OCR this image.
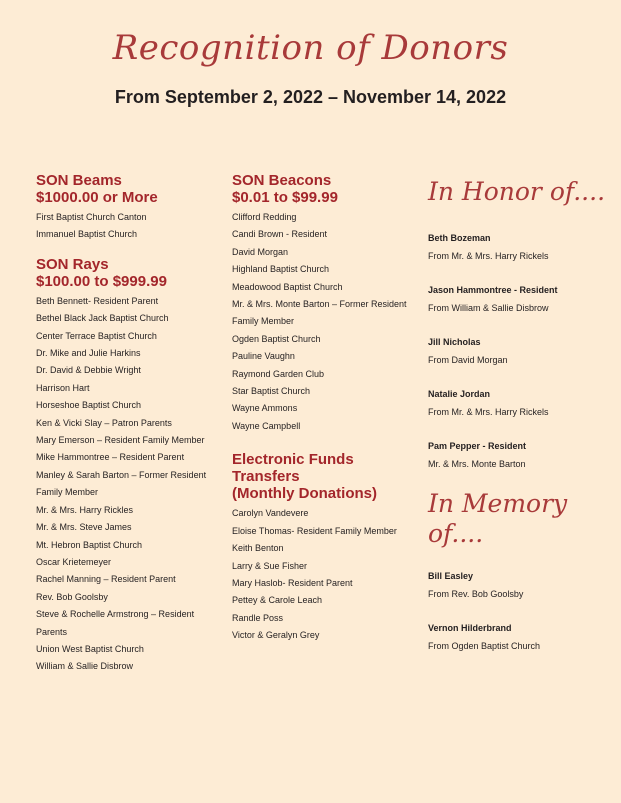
Recognition of Donors
From September 2, 2022 – November 14, 2022
SON Beams
$1000.00 or More
First Baptist Church Canton
Immanuel Baptist Church
SON Rays
$100.00 to $999.99
Beth Bennett- Resident Parent
Bethel Black Jack Baptist Church
Center Terrace Baptist Church
Dr. Mike and Julie Harkins
Dr. David & Debbie Wright
Harrison Hart
Horseshoe Baptist Church
Ken & Vicki Slay – Patron Parents
Mary Emerson – Resident Family Member
Mike Hammontree – Resident Parent
Manley & Sarah Barton – Former Resident
Family Member
Mr. & Mrs. Harry Rickles
Mr. & Mrs. Steve James
Mt. Hebron Baptist Church
Oscar Krietemeyer
Rachel Manning – Resident Parent
Rev. Bob Goolsby
Steve & Rochelle Armstrong – Resident
Parents
Union West Baptist Church
William & Sallie Disbrow
SON Beacons
$0.01 to $99.99
Clifford Redding
Candi Brown - Resident
David Morgan
Highland Baptist Church
Meadowood Baptist Church
Mr. & Mrs. Monte Barton – Former Resident
Family Member
Ogden Baptist Church
Pauline Vaughn
Raymond Garden Club
Star Baptist Church
Wayne Ammons
Wayne Campbell
Electronic Funds Transfers
(Monthly Donations)
Carolyn Vandevere
Eloise Thomas- Resident Family Member
Keith Benton
Larry & Sue Fisher
Mary Haslob- Resident Parent
Pettey & Carole Leach
Randle Poss
Victor & Geralyn Grey
In Honor of....
Beth Bozeman
From Mr. & Mrs. Harry Rickels
Jason Hammontree - Resident
From William & Sallie Disbrow
Jill Nicholas
From David Morgan
Natalie Jordan
From Mr. & Mrs. Harry Rickels
Pam Pepper - Resident
Mr. & Mrs. Monte Barton
In Memory of....
Bill Easley
From Rev. Bob Goolsby
Vernon Hilderbrand
From Ogden Baptist Church
